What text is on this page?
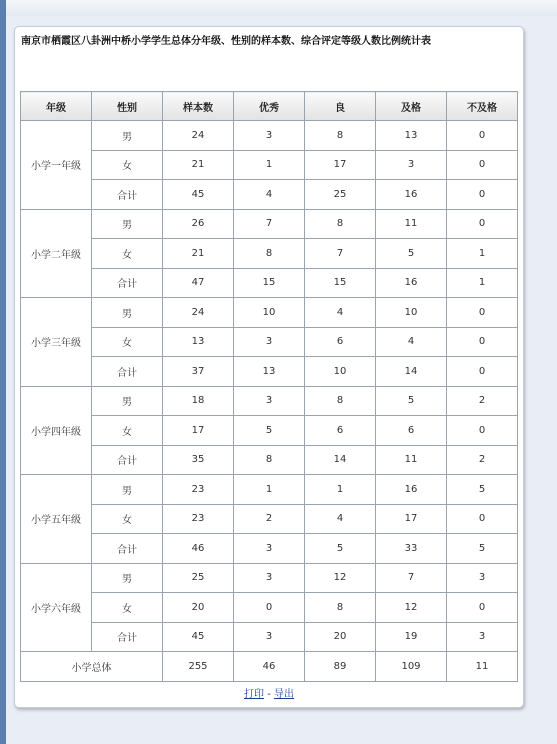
南京市栖霞区八卦洲中桥小学学生总体分年级、性别的样本数、综合评定等级人数比例统计表
年级	性别	样本数	优秀	良	及格	不及格
小学一年级	男	24	3	8	13	0
	女	21	1	17	3	0
	合计	45	4	25	16	0
小学二年级	男	26	7	8	11	0
	女	21	8	7	5	1
	合计	47	15	15	16	1
小学三年级	男	24	10	4	10	0
	女	13	3	6	4	0
	合计	37	13	10	14	0
小学四年级	男	18	3	8	5	2
	女	17	5	6	6	0
	合计	35	8	14	11	2
小学五年级	男	23	1	1	16	5
	女	23	2	4	17	0
	合计	46	3	5	33	5
小学六年级	男	25	3	12	7	3
	女	20	0	8	12	0
	合计	45	3	20	19	3
小学总体		255	46	89	109	11
打印 - 导出
